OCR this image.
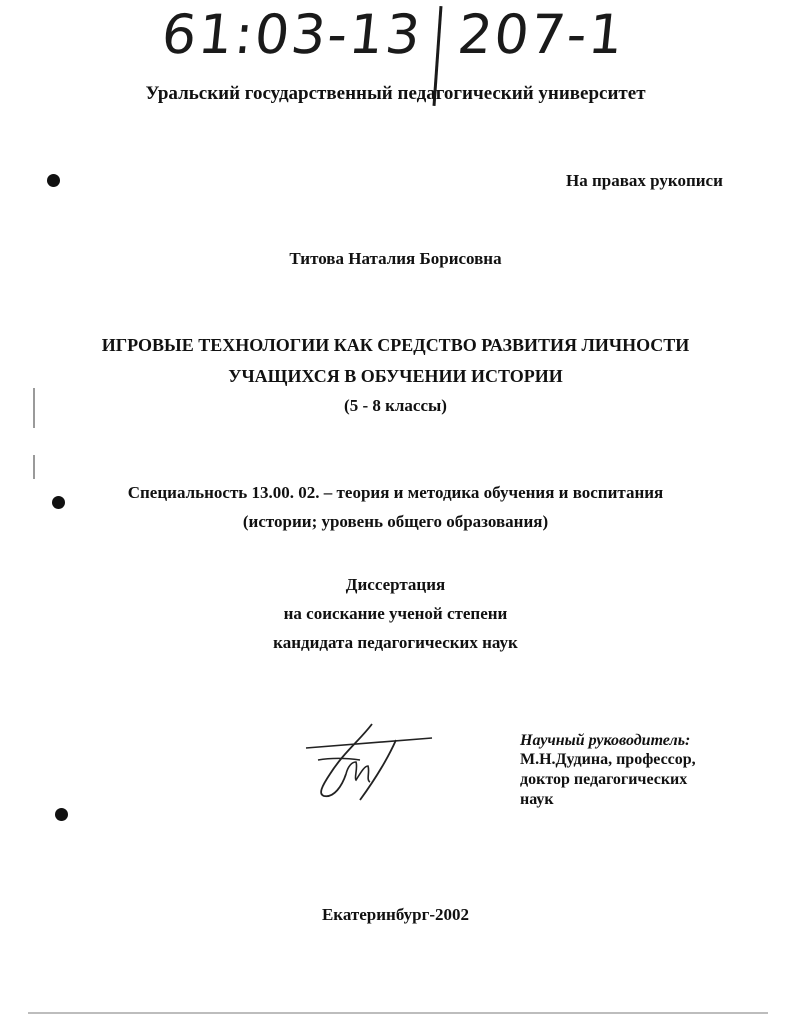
61:03-13 207-1
Уральский государственный педагогический университет
На правах рукописи
Титова Наталия Борисовна
ИГРОВЫЕ ТЕХНОЛОГИИ КАК СРЕДСТВО РАЗВИТИЯ ЛИЧНОСТИ
УЧАЩИХСЯ В ОБУЧЕНИИ ИСТОРИИ
(5 - 8 классы)
Специальность 13.00. 02. – теория и методика обучения и воспитания
(истории; уровень общего образования)
Диссертация
на соискание ученой степени
кандидата педагогических наук
Научный руководитель:
М.Н.Дудина, профессор,
доктор педагогических
наук
Екатеринбург-2002
